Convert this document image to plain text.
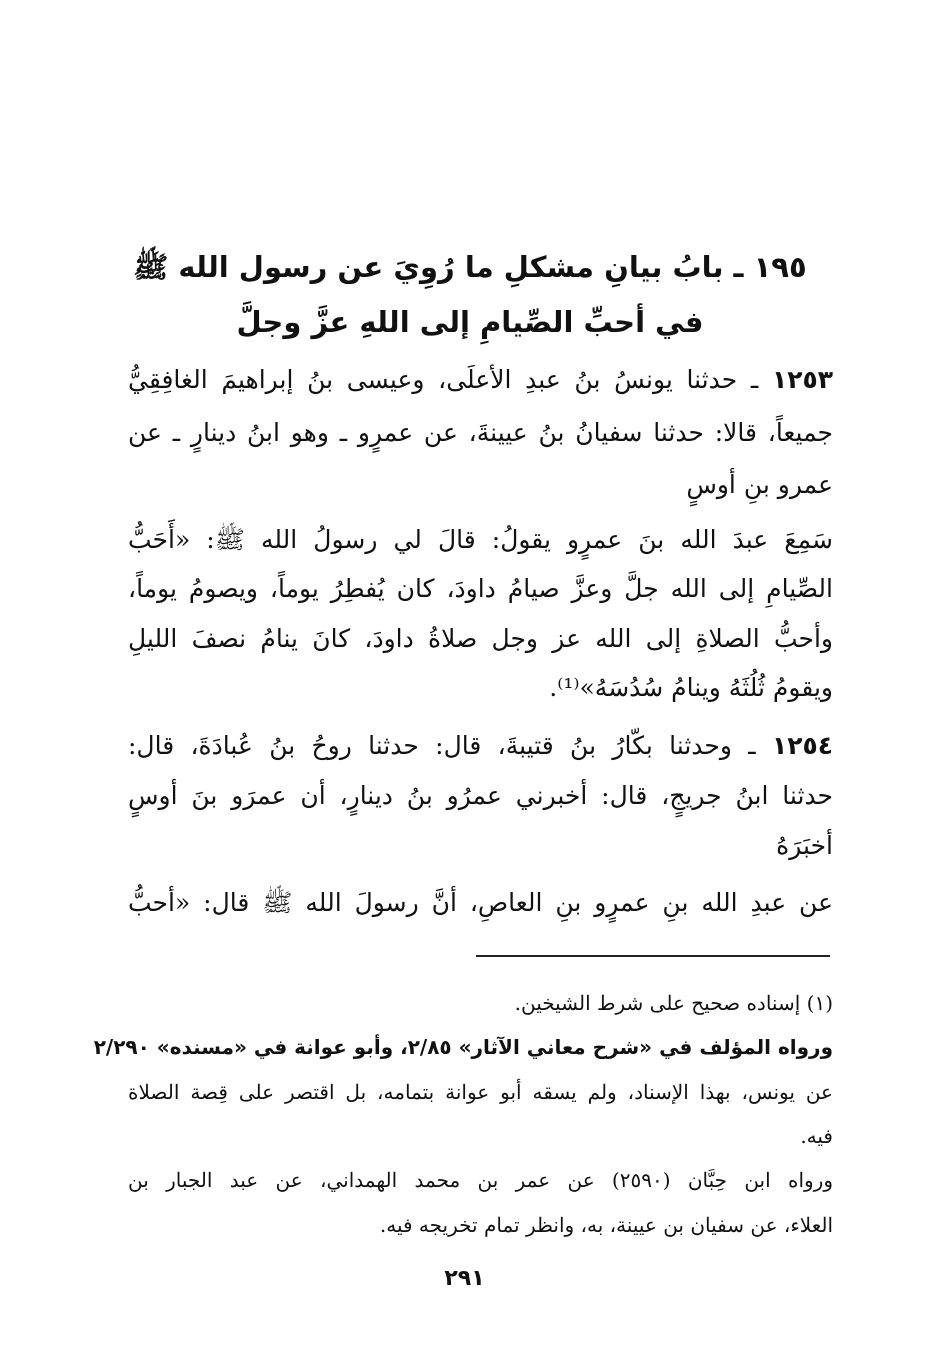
١٩٥ ـ بابُ بيانِ مشكلِ ما رُوِيَ عن رسول الله ﷺ
في أحبِّ الصِّيامِ إلى اللهِ عزَّ وجلَّ
١٢٥٣ ـ حدثنا يونسُ بنُ عبدِ الأعلَى، وعيسى بنُ إبراهيمَ الغافِقِيُّ
جميعاً، قالا: حدثنا سفيانُ بنُ عيينةَ، عن عمرٍو ـ وهو ابنُ دينارٍ ـ عن
عمرو بنِ أوسٍ
سَمِعَ عبدَ الله بنَ عمرٍو يقولُ: قالَ لي رسولُ الله ﷺ: «أَحَبُّ
الصِّيامِ إلى الله جلَّ وعزَّ صيامُ داودَ، كان يُفطِرُ يوماً، ويصومُ يوماً،
وأحبُّ الصلاةِ إلى الله عز وجل صلاةُ داودَ، كانَ ينامُ نصفَ الليلِ
ويقومُ ثُلُثَهُ وينامُ سُدُسَهُ»⁽¹⁾.
١٢٥٤ ـ وحدثنا بكّارُ بنُ قتيبةَ، قال: حدثنا روحُ بنُ عُبادَةَ، قال:
حدثنا ابنُ جريجٍ، قال: أخبرني عمرُو بنُ دينارٍ، أن عمرَو بنَ أوسٍ
أخبَرَهُ
عن عبدِ الله بنِ عمرٍو بنِ العاصِ، أنَّ رسولَ الله ﷺ قال: «أحبُّ
(١) إسناده صحيح على شرط الشيخين.
ورواه المؤلف في «شرح معاني الآثار» ٢/٨٥، وأبو عوانة في «مسنده» ٢/٢٩٠
عن يونس، بهذا الإسناد، ولم يسقه أبو عوانة بتمامه، بل اقتصر على قِصة الصلاة
فيه.
ورواه ابن حِبَّان (٢٥٩٠) عن عمر بن محمد الهمداني، عن عبد الجبار بن
العلاء، عن سفيان بن عيينة، به، وانظر تمام تخريجه فيه.
٢٩١
